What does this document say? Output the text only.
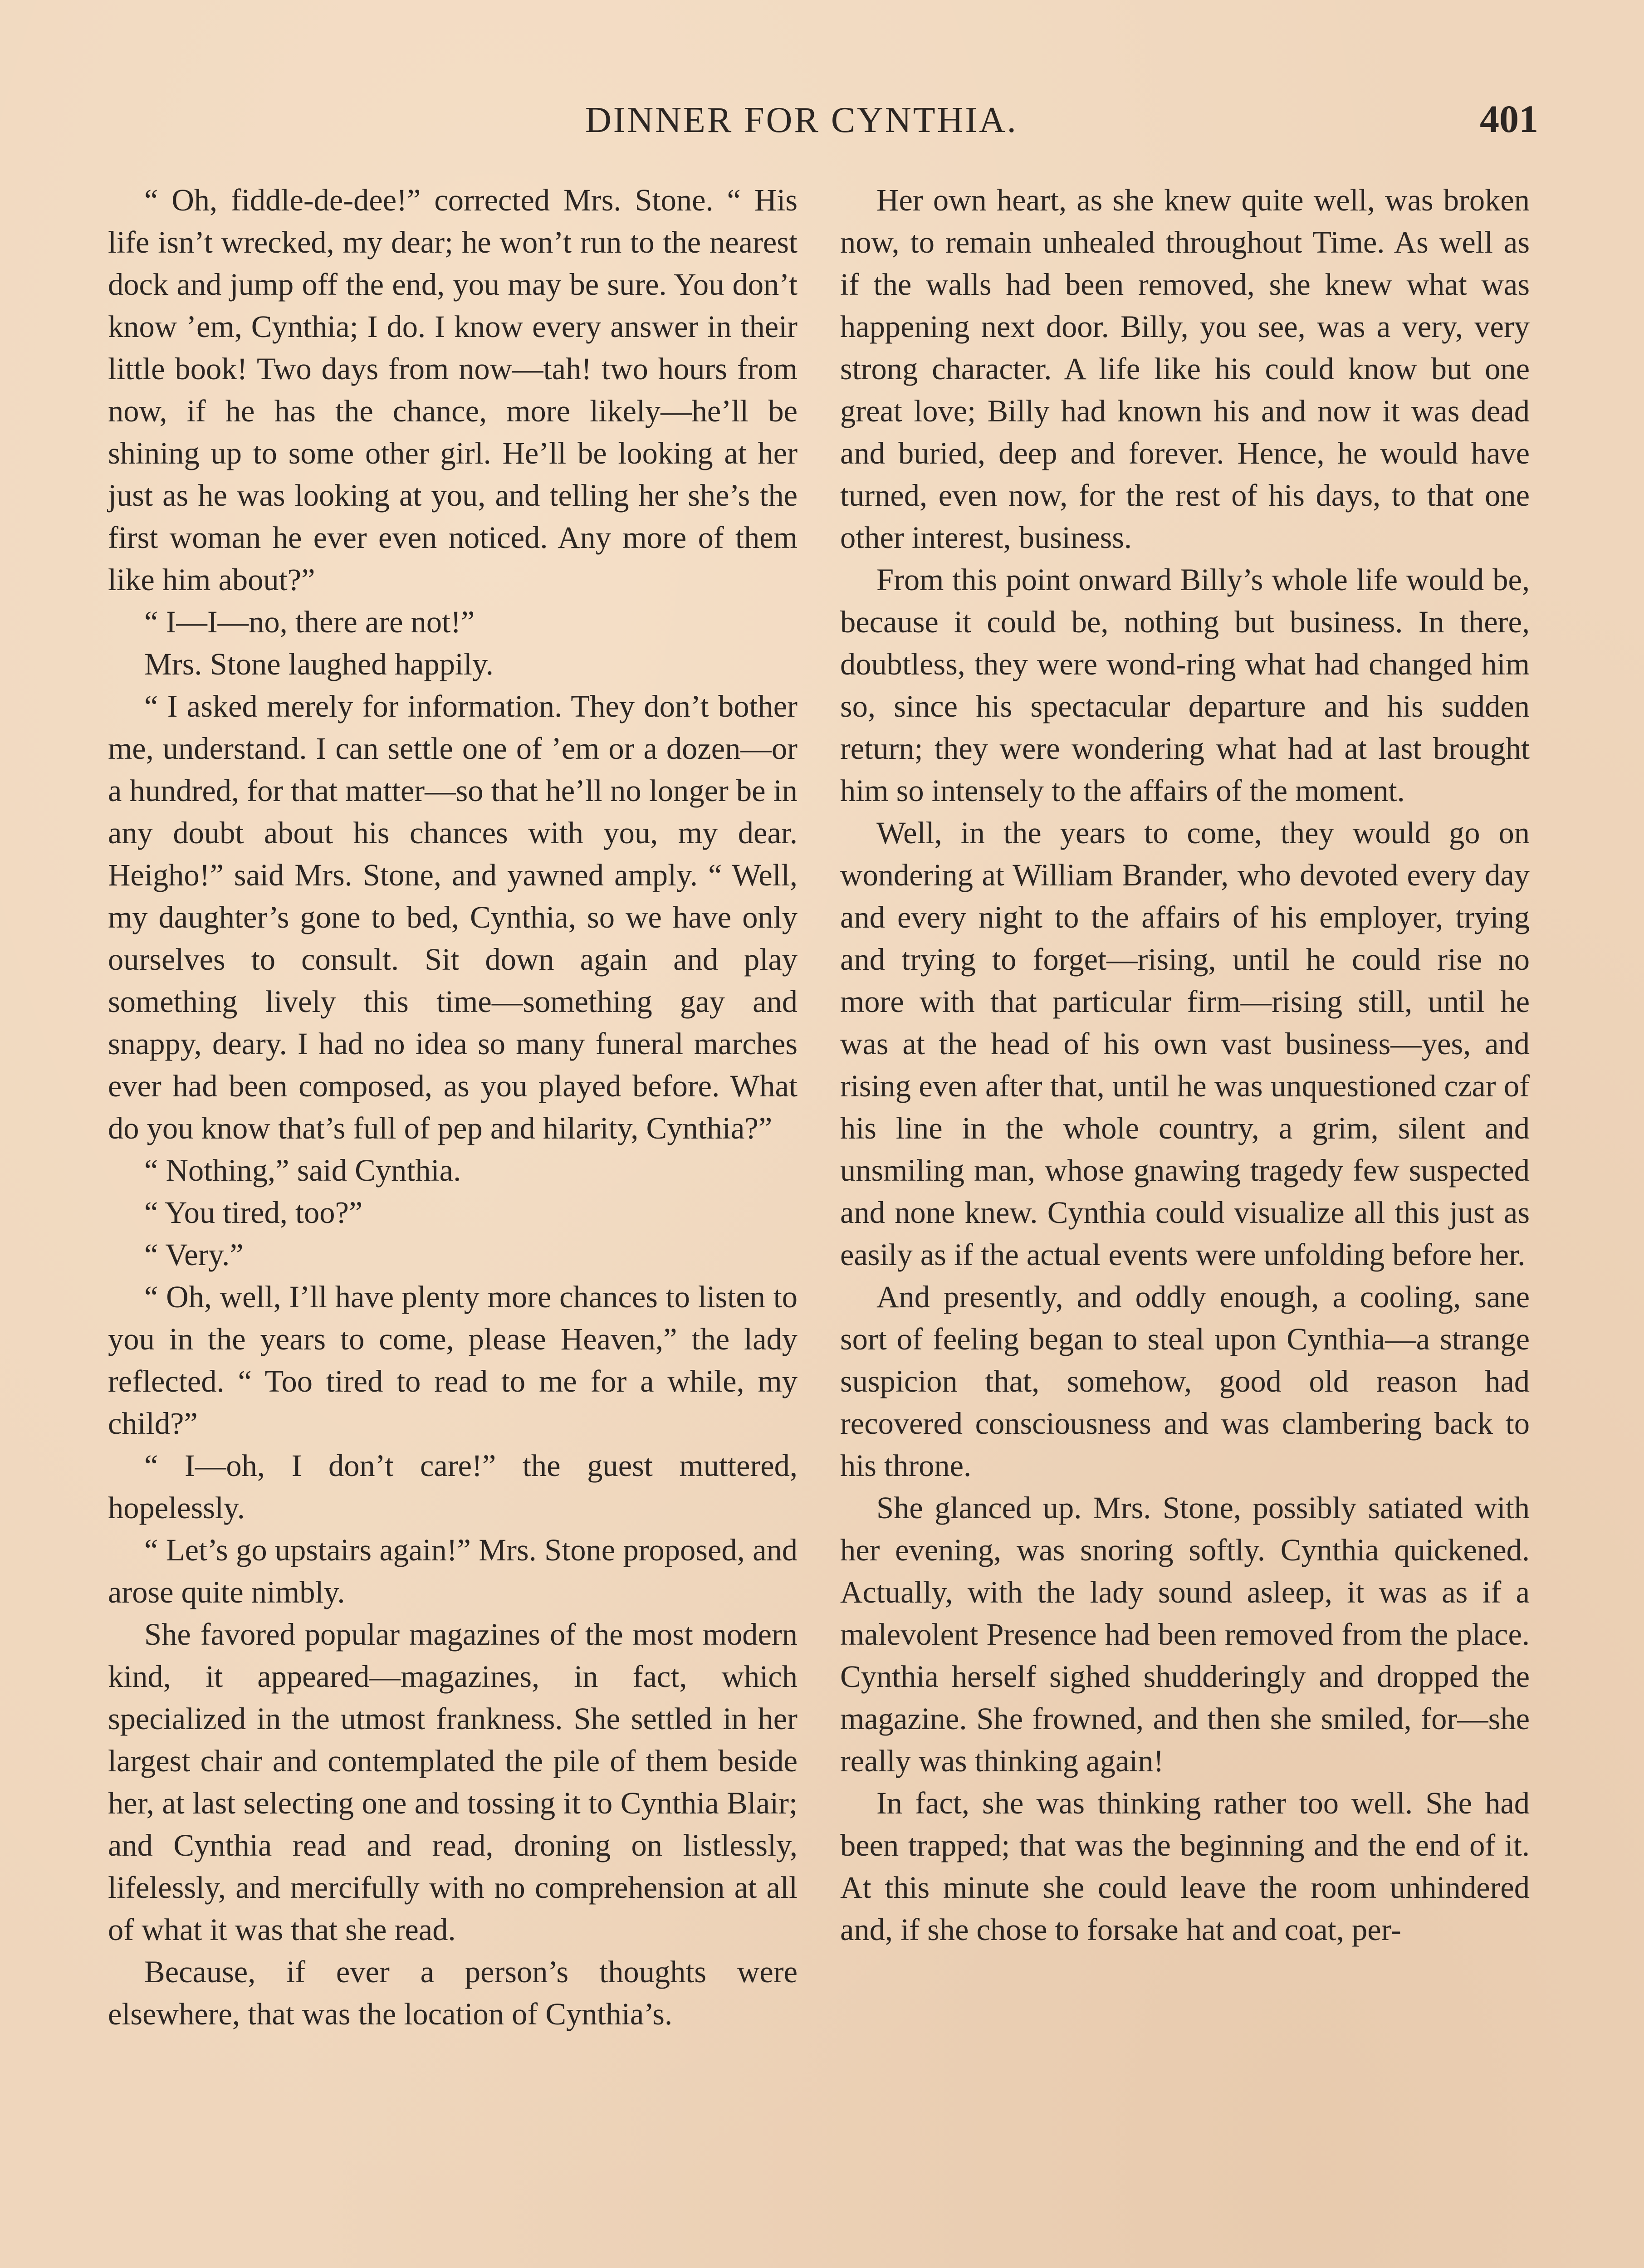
DINNER FOR CYNTHIA.	401

“ Oh, fiddle-de-dee!” corrected Mrs. Stone. “ His life isn’t wrecked, my dear; he won’t run to the nearest dock and jump off the end, you may be sure. You don’t know ’em, Cynthia; I do. I know every answer in their little book! Two days from now—tah! two hours from now, if he has the chance, more likely—he’ll be shining up to some other girl. He’ll be looking at her just as he was looking at you, and telling her she’s the first woman he ever even noticed. Any more of them like him about?”

“ I—I—no, there are not!”

Mrs. Stone laughed happily.

“ I asked merely for information. They don’t bother me, understand. I can settle one of ’em or a dozen—or a hundred, for that matter—so that he’ll no longer be in any doubt about his chances with you, my dear. Heigho!” said Mrs. Stone, and yawned amply. “ Well, my daughter’s gone to bed, Cynthia, so we have only ourselves to consult. Sit down again and play something lively this time—something gay and snappy, deary. I had no idea so many funeral marches ever had been composed, as you played before. What do you know that’s full of pep and hilarity, Cynthia?”

“ Nothing,” said Cynthia.

“ You tired, too?”

“ Very.”

“ Oh, well, I’ll have plenty more chances to listen to you in the years to come, please Heaven,” the lady reflected. “ Too tired to read to me for a while, my child?”

“ I—oh, I don’t care!” the guest muttered, hopelessly.

“ Let’s go upstairs again!” Mrs. Stone proposed, and arose quite nimbly.

She favored popular magazines of the most modern kind, it appeared—magazines, in fact, which specialized in the utmost frankness. She settled in her largest chair and contemplated the pile of them beside her, at last selecting one and tossing it to Cynthia Blair; and Cynthia read and read, droning on listlessly, lifelessly, and mercifully with no comprehension at all of what it was that she read.

Because, if ever a person’s thoughts were elsewhere, that was the location of Cynthia’s.

Her own heart, as she knew quite well, was broken now, to remain unhealed throughout Time. As well as if the walls had been removed, she knew what was happening next door. Billy, you see, was a very, very strong character. A life like his could know but one great love; Billy had known his and now it was dead and buried, deep and forever. Hence, he would have turned, even now, for the rest of his days, to that one other interest, business.

From this point onward Billy’s whole life would be, because it could be, nothing but business. In there, doubtless, they were wond-ring what had changed him so, since his spectacular departure and his sudden return; they were wondering what had at last brought him so intensely to the affairs of the moment.

Well, in the years to come, they would go on wondering at William Brander, who devoted every day and every night to the affairs of his employer, trying and trying to forget—rising, until he could rise no more with that particular firm—rising still, until he was at the head of his own vast business—yes, and rising even after that, until he was unquestioned czar of his line in the whole country, a grim, silent and unsmiling man, whose gnawing tragedy few suspected and none knew. Cynthia could visualize all this just as easily as if the actual events were unfolding before her.

And presently, and oddly enough, a cooling, sane sort of feeling began to steal upon Cynthia—a strange suspicion that, somehow, good old reason had recovered consciousness and was clambering back to his throne.

She glanced up. Mrs. Stone, possibly satiated with her evening, was snoring softly. Cynthia quickened. Actually, with the lady sound asleep, it was as if a malevolent Presence had been removed from the place. Cynthia herself sighed shudderingly and dropped the magazine. She frowned, and then she smiled, for—she really was thinking again!

In fact, she was thinking rather too well. She had been trapped; that was the beginning and the end of it. At this minute she could leave the room unhindered and, if she chose to forsake hat and coat, per-
